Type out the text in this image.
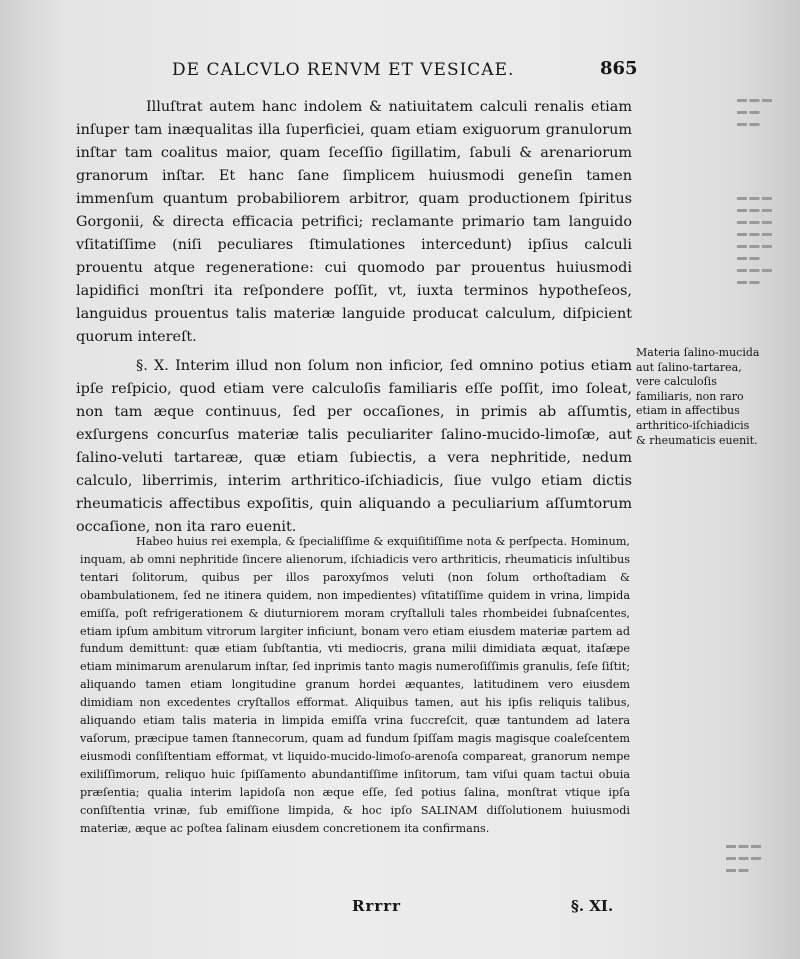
▬ ▬ ▬
▬ ▬
▬ ▬
▬ ▬ ▬
▬ ▬ ▬
▬ ▬ ▬
▬ ▬ ▬
▬ ▬ ▬
▬ ▬
▬ ▬ ▬
▬ ▬
▬ ▬ ▬
▬ ▬ ▬
▬ ▬
DE CALCVLO RENVM ET VESICAE.	865

Illuſtrat autem hanc indolem & natiuitatem calculi renalis etiam inſuper tam inæqualitas illa ſuperficiei, quam etiam exiguorum granulorum inſtar tam coalitus maior, quam ſeceſſio ſigillatim, ſabuli & arenariorum granorum inſtar. Et hanc ſane ſimplicem huiusmodi geneſin tamen immenſum quantum probabiliorem arbitror, quam productionem ſpiritus Gorgonii, & directa efficacia petrifici; reclamante primario tam languido vſitatiſſime (niſi peculiares ſtimulationes intercedunt) ipſius calculi prouentu atque regeneratione: cui quomodo par prouentus huiusmodi lapidifici monſtri ita reſpondere poſſit, vt, iuxta terminos hypotheſeos, languidus prouentus talis materiæ languide producat calculum, diſpicient quorum intereſt.

§. X. Interim illud non ſolum non inficior, ſed omnino potius etiam ipſe reſpicio, quod etiam vere calculoſis familiaris eſſe poſſit, imo ſoleat, non tam æque continuus, ſed per occaſiones, in primis ab aſſumtis, exſurgens concurſus materiæ talis peculiariter ſalino-mucido-limoſæ, aut ſalino-veluti tartareæ, quæ etiam ſubiectis, a vera nephritide, nedum calculo, liberrimis, interim arthritico-iſchiadicis, ſiue vulgo etiam dictis rheumaticis affectibus expoſitis, quin aliquando a peculiarium aſſumtorum occaſione, non ita raro euenit.

Habeo huius rei exempla, & ſpecialiſſime & exquiſitiſſime nota & perſpecta. Hominum, inquam, ab omni nephritide ſincere alienorum, iſchiadicis vero arthriticis, rheumaticis inſultibus tentari ſolitorum, quibus per illos paroxyſmos veluti (non ſolum orthoſtadiam & obambulationem, ſed ne itinera quidem, non impedientes) vſitatiſſime quidem in vrina, limpida emiſſa, poſt refrigerationem & diuturniorem moram cryſtalluli tales rhombeidei ſubnaſcentes, etiam ipſum ambitum vitrorum largiter inficiunt, bonam vero etiam eiusdem materiæ partem ad fundum demittunt: quæ etiam ſubſtantia, vti mediocris, grana milii dimidiata æquat, itaſæpe etiam minimarum arenularum inſtar, ſed inprimis tanto magis numeroſiſſimis granulis, ſeſe ſiſtit; aliquando tamen etiam longitudine granum hordei æquantes, latitudinem vero eiusdem dimidiam non excedentes cryſtallos efformat. Aliquibus tamen, aut his ipſis reliquis talibus, aliquando etiam talis materia in limpida emiſſa vrina ſuccreſcit, quæ tantundem ad latera vaſorum, præcipue tamen ſtannecorum, quam ad fundum ſpiſſam magis magisque coaleſcentem eiusmodi conſiſtentiam efformat, vt liquido-mucido-limoſo-arenoſa compareat, granorum nempe exiliſſimorum, reliquo huic ſpiſſamento abundantiſſime inſitorum, tam viſui quam tactui obuia præſentia; qualia interim lapidoſa non æque eſſe, ſed potius ſalina, monſtrat vtique ipſa conſiſtentia vrinæ, ſub emiſſione limpida, & hoc ipſo SALINAM diſſolutionem huiusmodi materiæ, æque ac poſtea ſalinam eiusdem concretionem ita confirmans.

Materia ſalino-mucida aut ſalino-tartarea, vere calculoſis familiaris, non raro etiam in affectibus arthritico-iſchiadicis & rheumaticis euenit.
Rrrrr	§. XI.
